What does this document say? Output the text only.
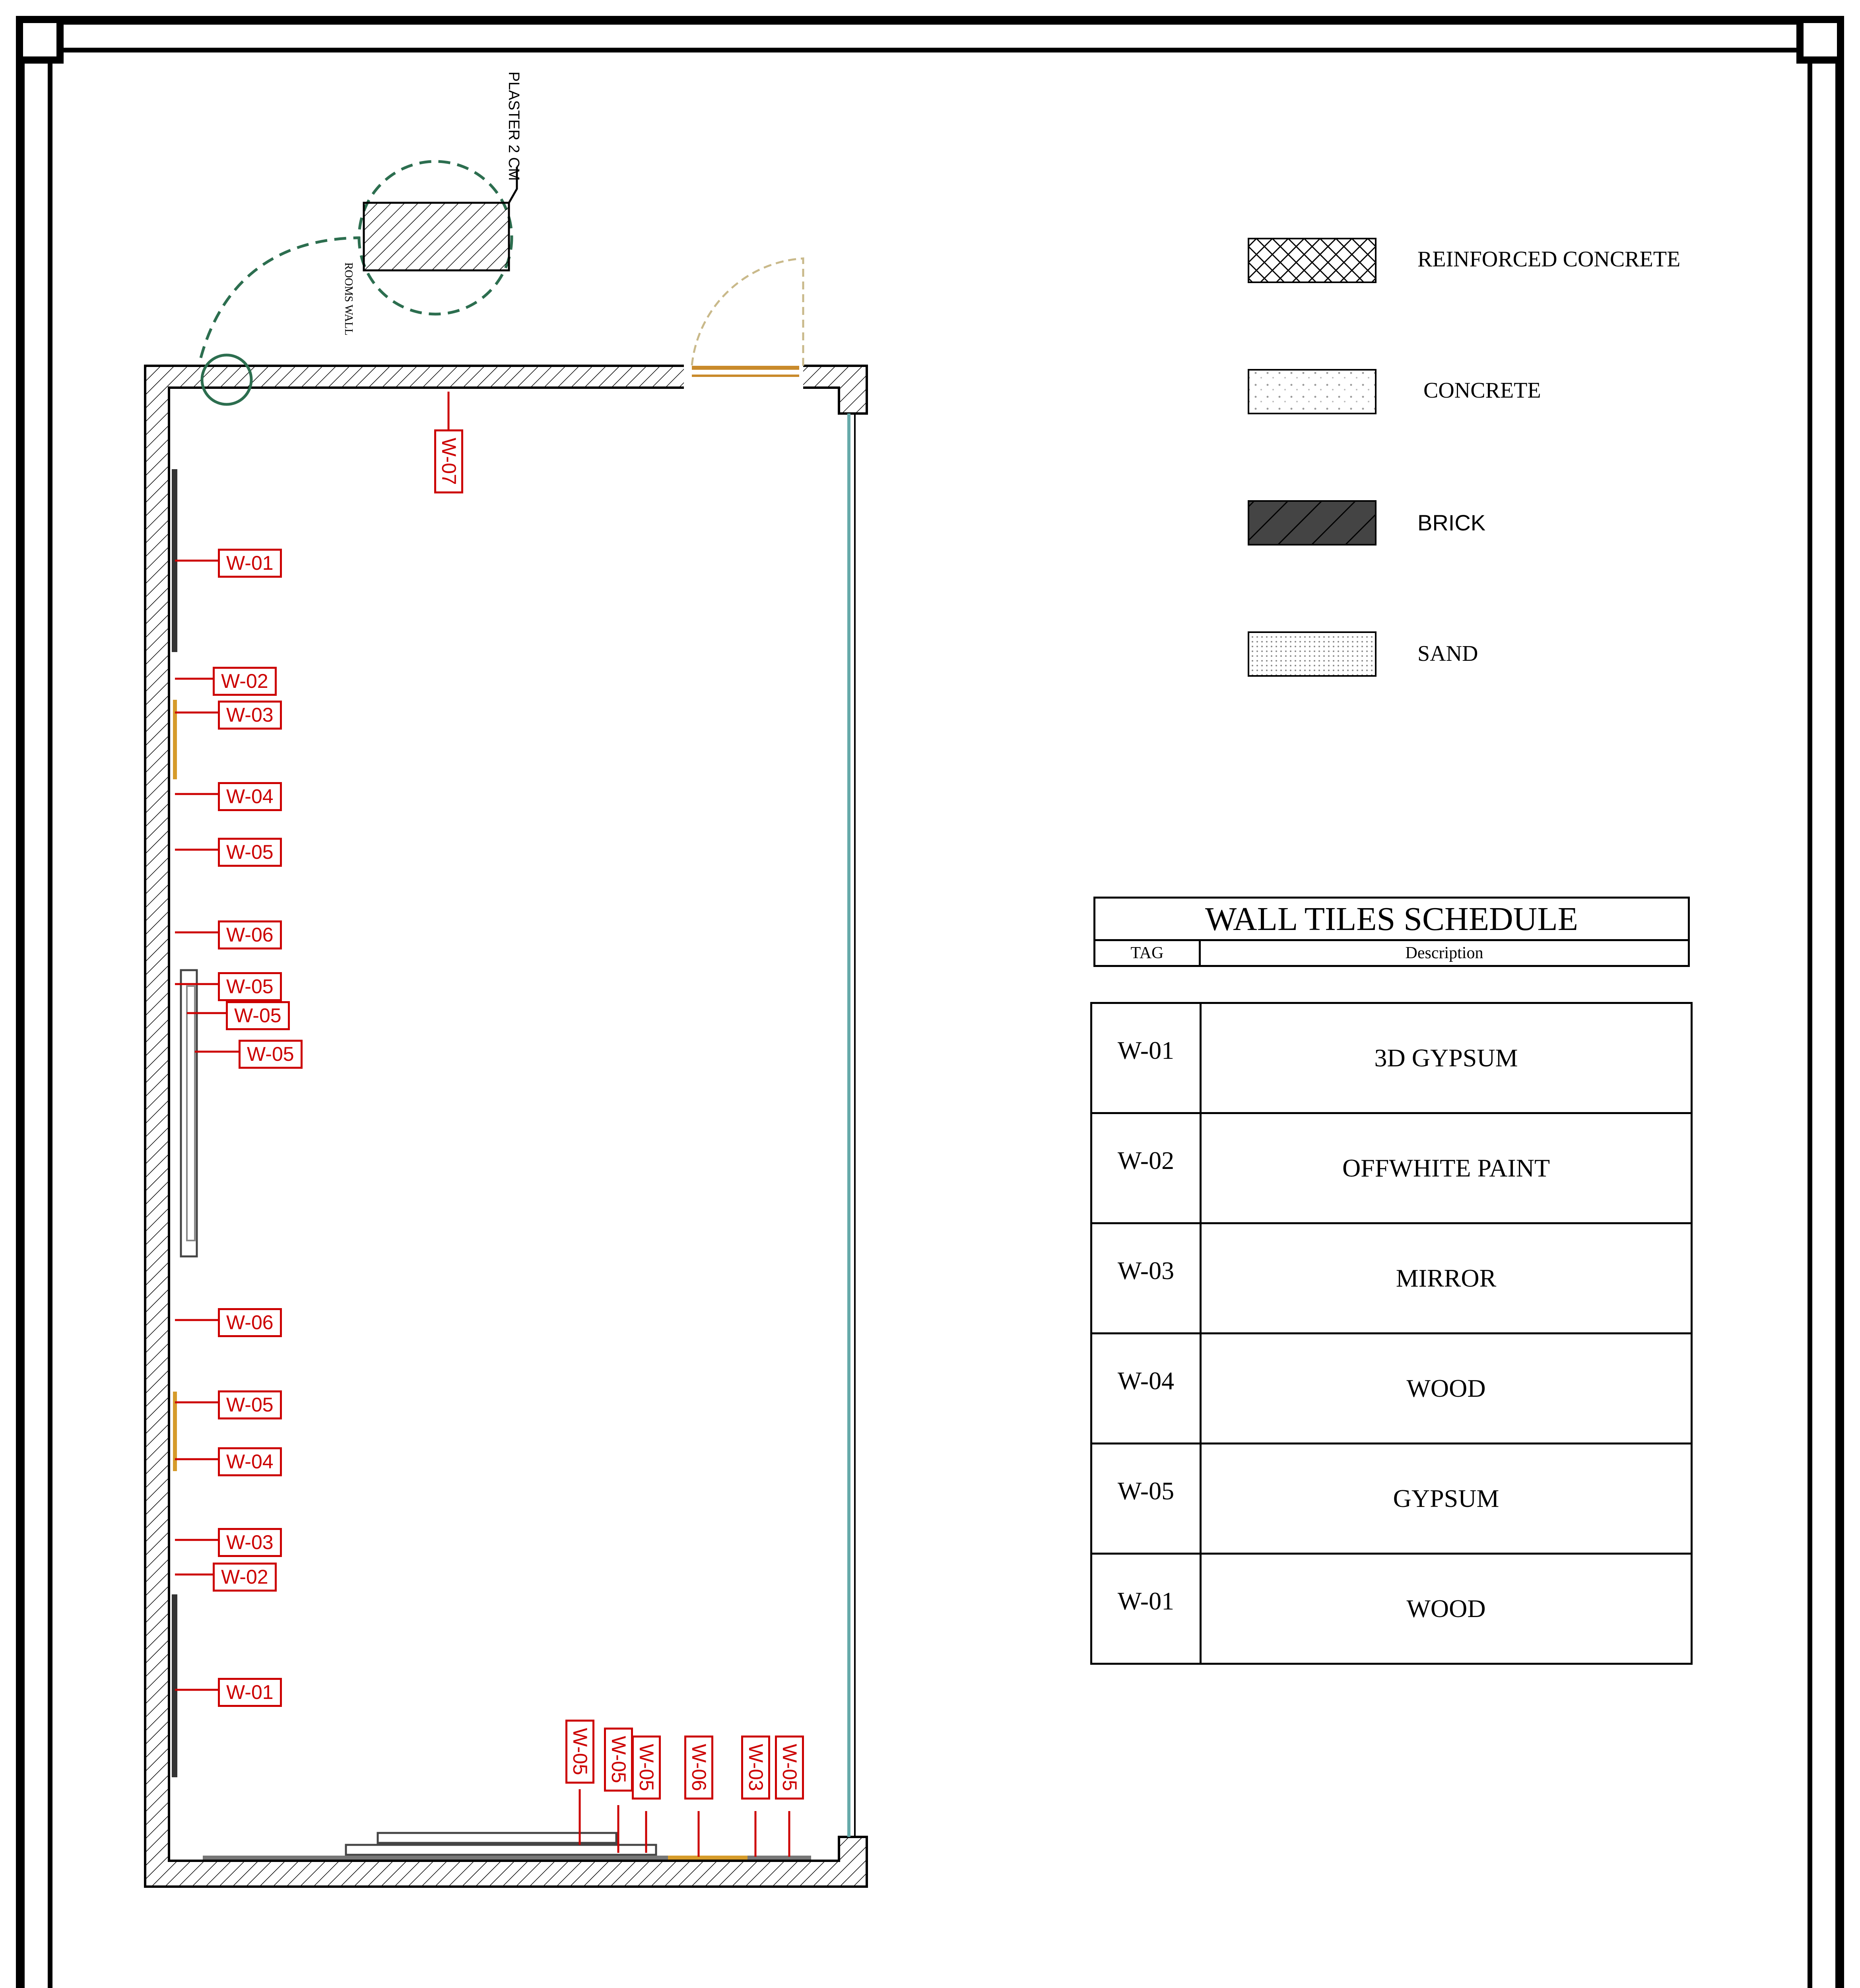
PLASTER 2 CM
ROOMS WALL
W-07
W-01
W-02
W-03
W-04
W-05
W-06
W-05
W-05
W-05
W-06
W-05
W-04
W-03
W-02
W-01
W-05 W-05 W-05 W-06 W-03 W-05
REINFORCED CONCRETE
CONCRETE
BRICK
SAND
WALL TILES SCHEDULE
TAG	Description
W-01	3D GYPSUM
W-02	OFFWHITE PAINT
W-03	MIRROR
W-04	WOOD
W-05	GYPSUM
W-01	WOOD
